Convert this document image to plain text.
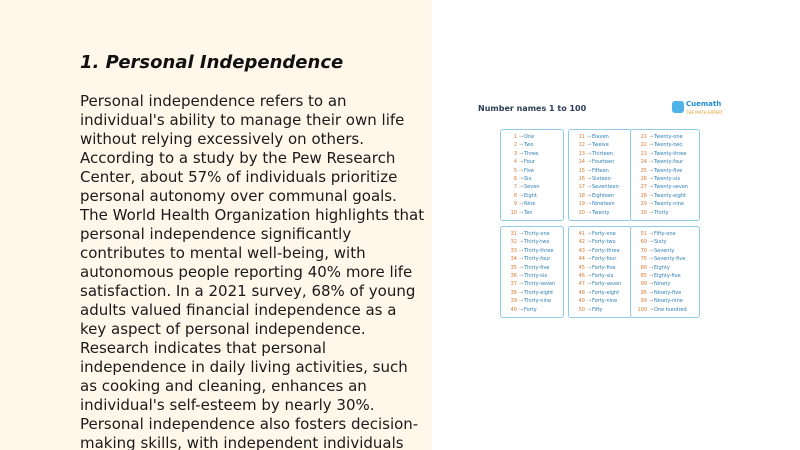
1. Personal Independence

Personal independence refers to an individual's ability to manage their own life without relying excessively on others. According to a study by the Pew Research Center, about 57% of individuals prioritize personal autonomy over communal goals. The World Health Organization highlights that personal independence significantly contributes to mental well-being, with autonomous people reporting 40% more life satisfaction. In a 2021 survey, 68% of young adults valued financial independence as a key aspect of personal independence. Research indicates that personal independence in daily living activities, such as cooking and cleaning, enhances an individual's self-esteem by nearly 30%. Personal independence also fosters decision-making skills, with independent individuals

Number names 1 to 100	Cuemath
THE MATH EXPERT
1 → One
2 → Two
3 → Three
4 → Four
5 → Five
6 → Six
7 → Seven
8 → Eight
9 → Nine
10 → Ten
11 → Eleven
12 → Twelve
13 → Thirteen
14 → Fourteen
15 → Fifteen
16 → Sixteen
17 → Seventeen
18 → Eighteen
19 → Nineteen
20 → Twenty
21 → Twenty-one
22 → Twenty-two
23 → Twenty-three
24 → Twenty-four
25 → Twenty-five
26 → Twenty-six
27 → Twenty-seven
28 → Twenty-eight
29 → Twenty-nine
30 → Thirty
31 → Thirty-one
32 → Thirty-two
33 → Thirty-three
34 → Thirty-four
35 → Thirty-five
36 → Thirty-six
37 → Thirty-seven
38 → Thirty-eight
39 → Thirty-nine
40 → Forty
41 → Forty-one
42 → Forty-two
43 → Forty-three
44 → Forty-four
45 → Forty-five
46 → Forty-six
47 → Forty-seven
48 → Forty-eight
49 → Forty-nine
50 → Fifty
51 → Fifty-one
60 → Sixty
70 → Seventy
75 → Seventy-five
80 → Eighty
85 → Eighty-five
90 → Ninety
95 → Ninety-five
99 → Ninety-nine
100 → One hundred
